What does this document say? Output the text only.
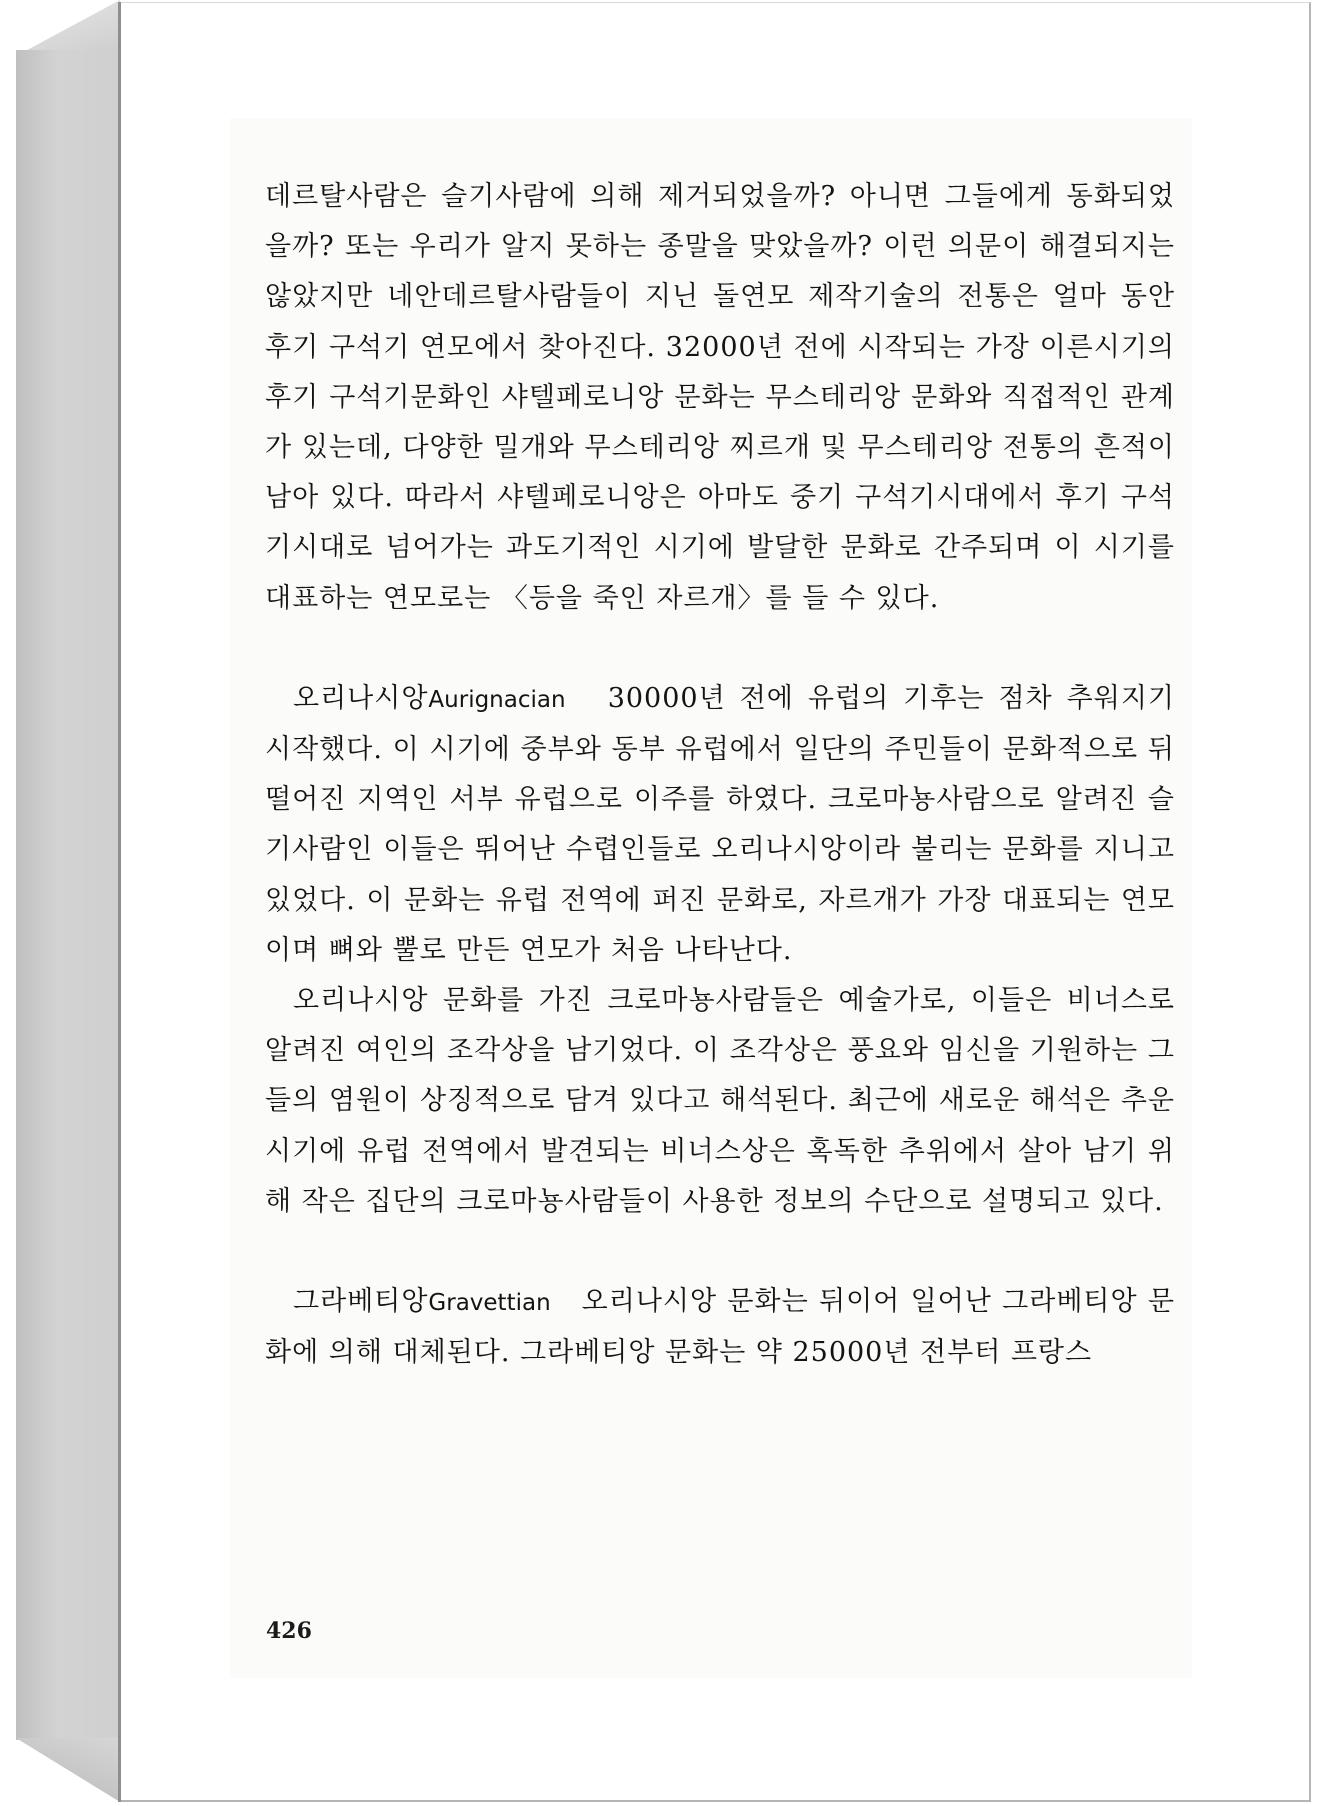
데르탈사람은 슬기사람에 의해 제거되었을까? 아니면 그들에게 동화되었을까? 또는 우리가 알지 못하는 종말을 맞았을까? 이런 의문이 해결되지는 않았지만 네안데르탈사람들이 지닌 돌연모 제작기술의 전통은 얼마 동안 후기 구석기 연모에서 찾아진다. 32000년 전에 시작되는 가장 이른시기의 후기 구석기문화인 샤텔페로니앙 문화는 무스테리앙 문화와 직접적인 관계가 있는데, 다양한 밀개와 무스테리앙 찌르개 및 무스테리앙 전통의 흔적이 남아 있다. 따라서 샤텔페로니앙은 아마도 중기 구석기시대에서 후기 구석기시대로 넘어가는 과도기적인 시기에 발달한 문화로 간주되며 이 시기를 대표하는 연모로는 〈등을 죽인 자르개〉를 들 수 있다.

오리나시앙Aurignacian 30000년 전에 유럽의 기후는 점차 추워지기 시작했다. 이 시기에 중부와 동부 유럽에서 일단의 주민들이 문화적으로 뒤떨어진 지역인 서부 유럽으로 이주를 하였다. 크로마뇽사람으로 알려진 슬기사람인 이들은 뛰어난 수렵인들로 오리나시앙이라 불리는 문화를 지니고 있었다. 이 문화는 유럽 전역에 퍼진 문화로, 자르개가 가장 대표되는 연모이며 뼈와 뿔로 만든 연모가 처음 나타난다.

오리나시앙 문화를 가진 크로마뇽사람들은 예술가로, 이들은 비너스로 알려진 여인의 조각상을 남기었다. 이 조각상은 풍요와 임신을 기원하는 그들의 염원이 상징적으로 담겨 있다고 해석된다. 최근에 새로운 해석은 추운 시기에 유럽 전역에서 발견되는 비너스상은 혹독한 추위에서 살아 남기 위해 작은 집단의 크로마뇽사람들이 사용한 정보의 수단으로 설명되고 있다.

그라베티앙Gravettian 오리나시앙 문화는 뒤이어 일어난 그라베티앙 문화에 의해 대체된다. 그라베티앙 문화는 약 25000년 전부터 프랑스

426
